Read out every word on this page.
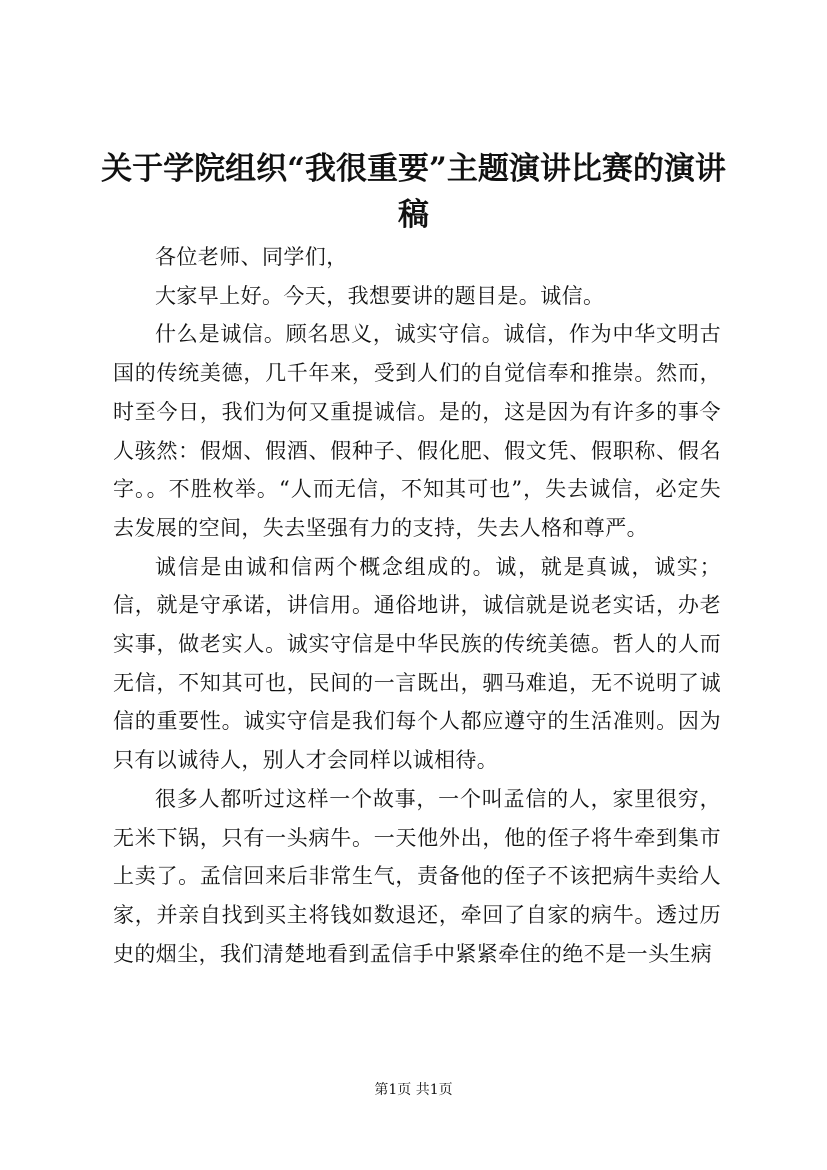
关于学院组织“我很重要”主题演讲比赛的演讲稿

各位老师、同学们，

大家早上好。今天，我想要讲的题目是。诚信。

什么是诚信。顾名思义，诚实守信。诚信，作为中华文明古国的传统美德，几千年来，受到人们的自觉信奉和推崇。然而，时至今日，我们为何又重提诚信。是的，这是因为有许多的事令人骇然：假烟、假酒、假种子、假化肥、假文凭、假职称、假名字。。不胜枚举。“人而无信，不知其可也”，失去诚信，必定失去发展的空间，失去坚强有力的支持，失去人格和尊严。

诚信是由诚和信两个概念组成的。诚，就是真诚，诚实；信，就是守承诺，讲信用。通俗地讲，诚信就是说老实话，办老实事，做老实人。诚实守信是中华民族的传统美德。哲人的人而无信，不知其可也，民间的一言既出，驷马难追，无不说明了诚信的重要性。诚实守信是我们每个人都应遵守的生活准则。因为只有以诚待人，别人才会同样以诚相待。

很多人都听过这样一个故事，一个叫孟信的人，家里很穷，无米下锅，只有一头病牛。一天他外出，他的侄子将牛牵到集市上卖了。孟信回来后非常生气，责备他的侄子不该把病牛卖给人家，并亲自找到买主将钱如数退还，牵回了自家的病牛。透过历史的烟尘，我们清楚地看到孟信手中紧紧牵住的绝不是一头生病

第1页 共1页
